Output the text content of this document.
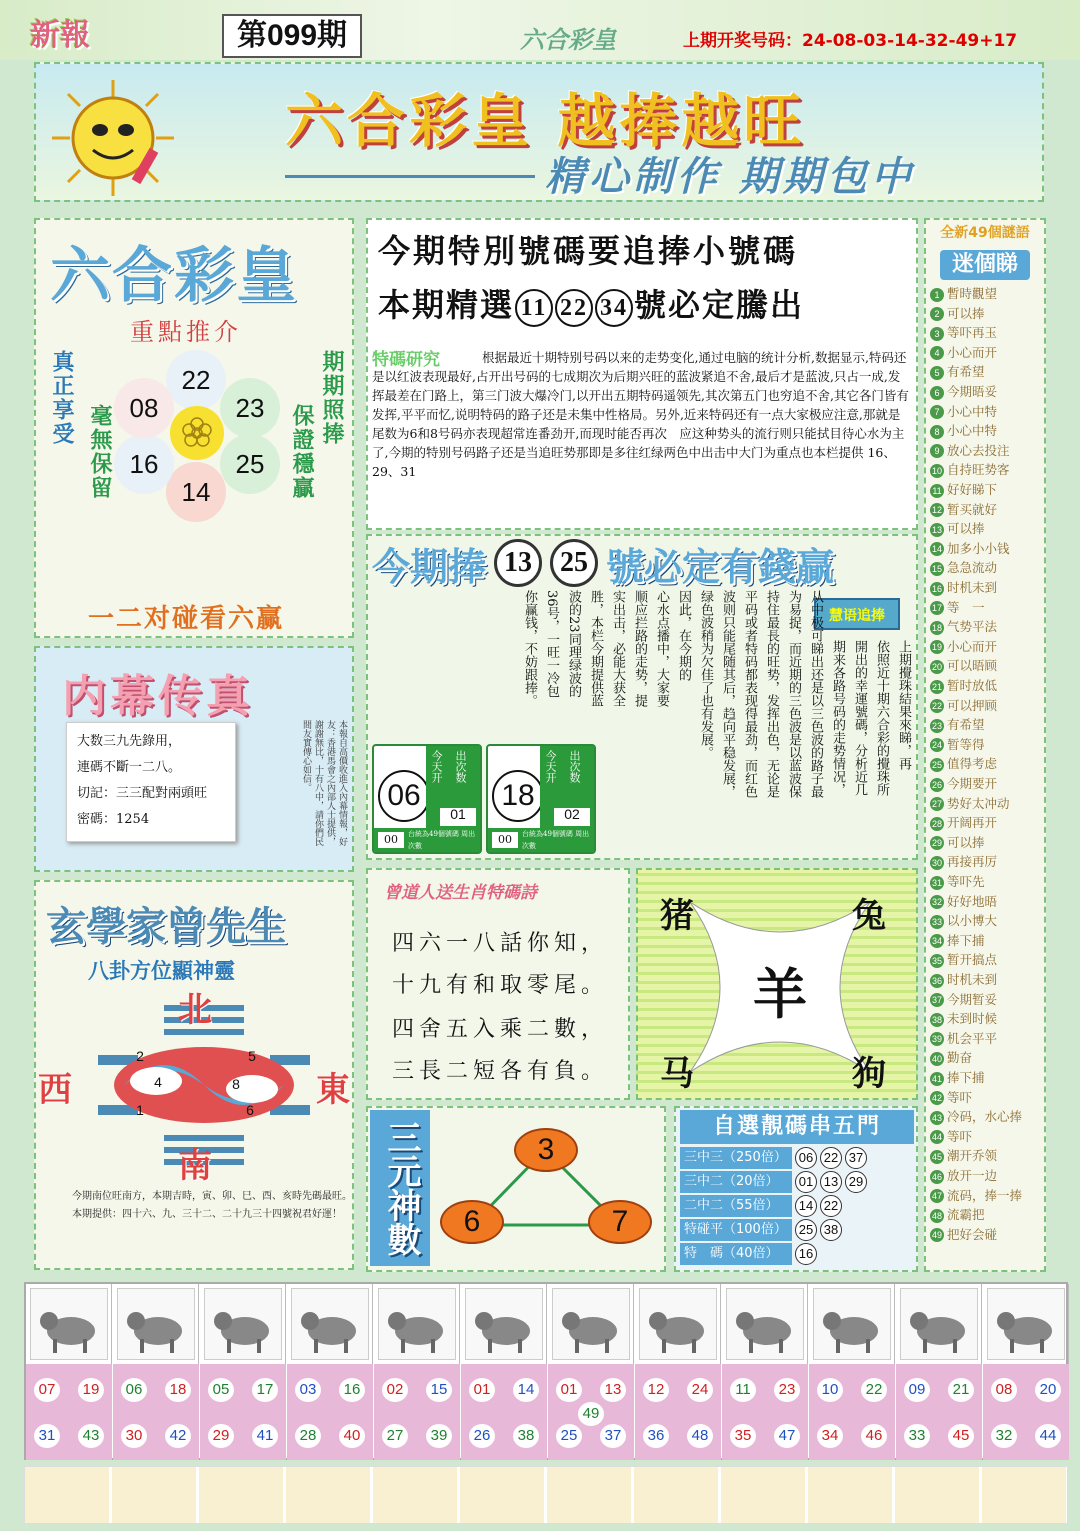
新報	第099期	六合彩皇	上期开奖号码：24-08-03-14-32-49+17
六合彩皇 越捧越旺
精心制作 期期包中
六合彩皇
重點推介
真正享受
毫無保留
期期照捧
保證穩贏
22
23
25
14
16
08
一二对碰看六赢
内幕传真
大数三九先錄用，
連碼不斷一二八。
切記：三三配對兩頭旺
密碼：1254	本報自高價收進入內幕情報，好友：香港馬會之內部人士提供，謝謝無比，十有八中，請你們民間友實傳心如信。
玄學家曾先生
八卦方位顯神靈
北
南
東
西
2	5
4	8
1	6
今期南位旺南方，本期吉時，寅、卯、巳、酉、亥時先碼最旺。本期提供：四十六、九、三十二、二十九三十四號祝君好運！
今期特別號碼要追捧小號碼
本期精選 11 22 34 號必定騰出
根据最近十期特别号码以来的走势变化,通过电脑的统计分析,数据显示,特码还是以红波表现最好,占开出号码的七成期次为后期兴旺的蓝波紧追不舍,最后才是蓝波,只占一成,发挥最差在门路上，第三门波大爆冷门,以开出五期特码遥领先,其次第五门也穷追不舍,其它各门皆有发挥,平平而忆,说明特码的路子还是未集中性格局。另外,近来特码还有一点大家极应注意,那就是尾数为6和8号码亦表现超常连番劲开,而现时能否再次　应这种势头的流行则只能拭目待心水为主了,今期的特别号码路子还是当追旺势那即是多往红绿两色中出击中大门为重点也本栏提供 16、29、31
特碼研究
今期捧 13	25 號必定有錢贏
慧语追捧
上期攪珠結果來睇，再
依照近十期六合彩的攪珠所
開出的幸運號碼，分析近几
期来各路号码的走势情况，
从中极可睇出还是以三色波的路子最
为易捉，而近期的三色波是以蓝波保
持住最長的旺势，发挥出色，无论是
平码或者特码都表现得最劲，而红色
波则只能尾随其后，趋向平稳发展，
绿色波稍为欠佳了也有发展。
因此，在今期的
心水点播中，大家要
顺应拦路的走势，提
实出击，必能大获全
胜，本栏今期提供蓝
波的23同理绿波的
36号，一旺一冷包
你赢钱，不妨跟捧。
06
今天开 出次数
01
00	台統為49個號碼 周出次數
18
今天开 出次数
02
00	台統為49個號碼 周出次數
曾道人送生肖特碼詩
四六一八話你知，
十九有和取零尾。
四舍五入乘二數，
三長二短各有負。
猪	兔
马	狗
羊
三元神數	3
6	7
自選靚碼串五門
三中三（250倍） 06 22 37
三中二（20倍）	01 13 29
二中二（55倍）	14 22
特碰平（100倍） 25 38
特　碼（40倍）	16
全新49個謎語
迷個睇
1 暫時觀望
2 可以捧
3 等吓再玉
4 小心而开
5 有希望
6 今期晤妥
7 小心中特
8 小心中特
9 放心去投注
10 自持旺势客
11 好好睇下
12 暂买就好
13 可以捧
14 加多小小钱
15 急急流动
16 时机未到
17 等　一
18 气势平法
19 小心而开
20 可以晤顾
21 暂时放低
22 可以押顾
23 有希望
24 暂等得
25 值得考虑
26 今期要开
27 势好太冲动
28 开阔再开
29 可以捧
30 再接再厉
31 等吓先
32 好好地晤
33 以小博大
34 捧下捕
35 暂开搞点
36 时机未到
37 今期暂妥
38 未到时候
39 机会平平
40 勤奋
41 捧下捕
42 等吓
43 冷码，水心捧
44 等吓
45 潮开乔领
46 放开一边
47 流码，捧一捧
48 流霸把
49 把好会碰
07	19
31	43
06	18
30	42
05	17
29	41
03	16
28	40
02	15
27	39
01	14
26	38
01	13
49
25	37
12	24
36	48
11	23
35	47
10	22
34	46
09	21
33	45
08	20
32	44
